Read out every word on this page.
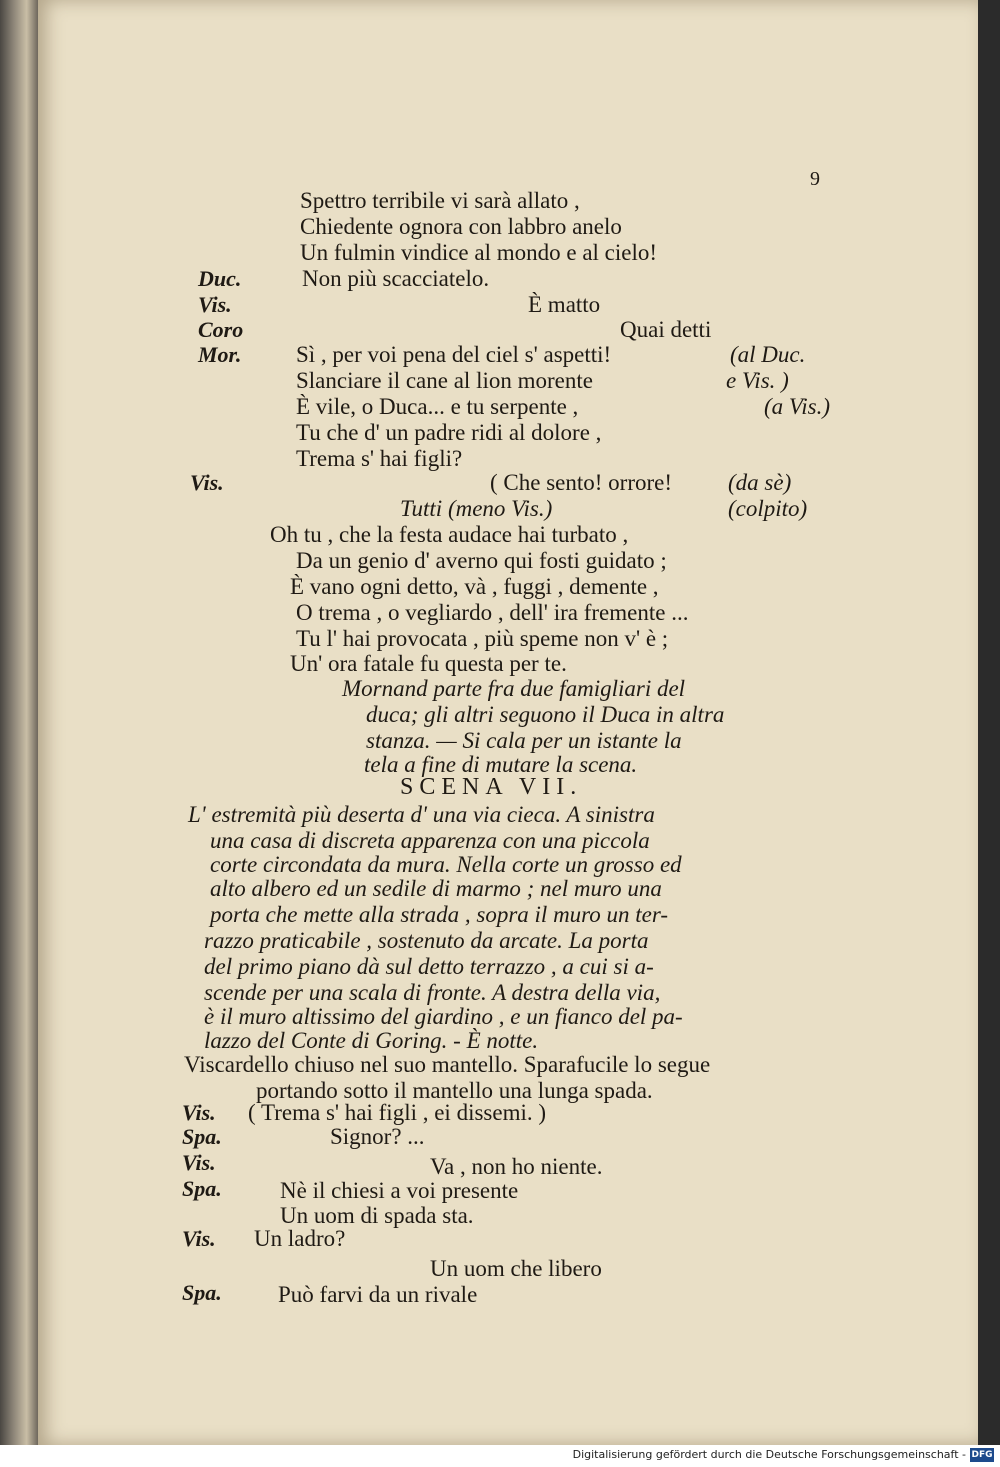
9
Spettro terribile vi sarà allato ,
Chiedente ognora con labbro anelo
Un fulmin vindice al mondo e al cielo!
Duc.	Non più scacciatelo.
Vis.	È matto
Coro	Quai detti
Mor. Sì , per voi pena del ciel s' aspetti!	(al Duc.
Slanciare il cane al lion morente	e Vis. )
È vile, o Duca... e tu serpente ,	(a Vis.)
Tu che d' un padre ridi al dolore ,
Trema s' hai figli?
Vis.	( Che sento! orrore! (da sè)
Tutti (meno Vis.)	(colpito)
Oh tu , che la festa audace hai turbato ,
Da un genio d' averno qui fosti guidato ;
È vano ogni detto, và , fuggi , demente ,
O trema , o vegliardo , dell' ira fremente ...
Tu l' hai provocata , più speme non v' è ;
Un' ora fatale fu questa per te.
Mornand parte fra due famigliari del
duca; gli altri seguono il Duca in altra
stanza. — Si cala per un istante la
tela a fine di mutare la scena.
SCENA VII.
L' estremità più deserta d' una via cieca. A sinistra
una casa di discreta apparenza con una piccola
corte circondata da mura. Nella corte un grosso ed
alto albero ed un sedile di marmo ; nel muro una
porta che mette alla strada , sopra il muro un ter-
razzo praticabile , sostenuto da arcate. La porta
del primo piano dà sul detto terrazzo , a cui si a-
scende per una scala di fronte. A destra della via,
è il muro altissimo del giardino , e un fianco del pa-
lazzo del Conte di Goring. - È notte.
Viscardello chiuso nel suo mantello. Sparafucile lo segue
portando sotto il mantello una lunga spada.
Vis. ( Trema s' hai figli , ei dissemi. )
Spa.	Signor? ...
Vis.	Va , non ho niente.
Spa.	Nè il chiesi a voi presente
Un uom di spada sta.
Vis. Un ladro?
Un uom che libero
Spa. Può farvi da un rivale
Digitalisierung gefördert durch die Deutsche Forschungsgemeinschaft - DFG
